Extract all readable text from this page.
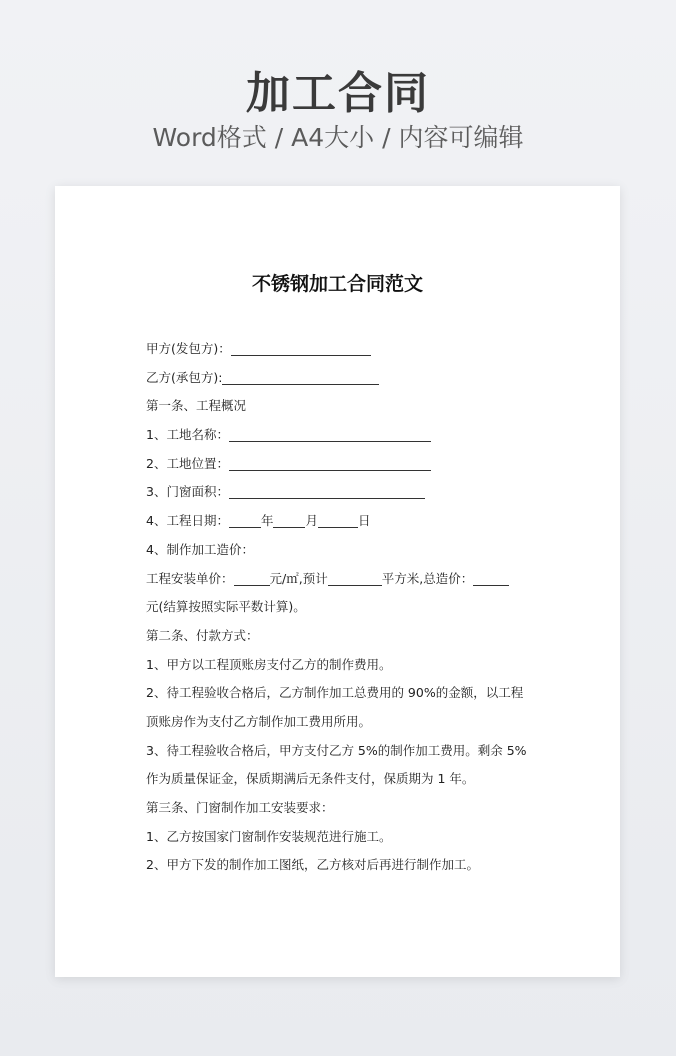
加工合同
Word格式 / A4大小 / 内容可编辑
不锈钢加工合同范文
甲方(发包方)：
乙方(承包方):
第一条、工程概况
1、工地名称：
2、工地位置：
3、门窗面积：
4、工程日期：	年	月	日
4、制作加工造价：
工程安装单价：	元/㎡,预计	平方米,总造价：
元(结算按照实际平数计算)。
第二条、付款方式：
1、甲方以工程顶账房支付乙方的制作费用。
2、待工程验收合格后，乙方制作加工总费用的 90%的金额，以工程
顶账房作为支付乙方制作加工费用所用。
3、待工程验收合格后，甲方支付乙方 5%的制作加工费用。剩余 5%
作为质量保证金，保质期满后无条件支付，保质期为 1 年。
第三条、门窗制作加工安装要求：
1、乙方按国家门窗制作安装规范进行施工。
2、甲方下发的制作加工图纸，乙方核对后再进行制作加工。
